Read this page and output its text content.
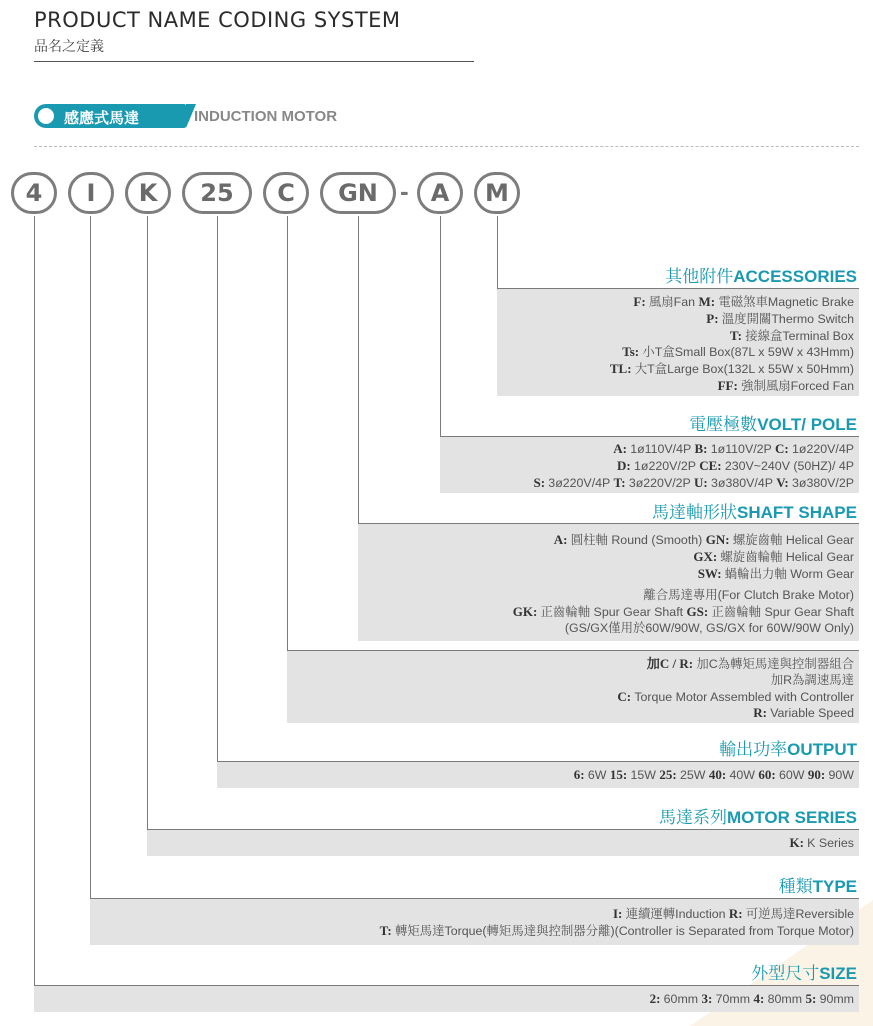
PRODUCT NAME CODING SYSTEM
品名之定義
感應式馬達	INDUCTION MOTOR
4	I	K	25	C	GN - A	M
其他附件ACCESSORIES
電壓極數VOLT/ POLE
馬達軸形狀SHAFT SHAPE
輸出功率OUTPUT
馬達系列MOTOR SERIES
種類TYPE
外型尺寸SIZE
F: 風扇Fan M: 電磁煞車Magnetic Brake
P: 溫度開關Thermo Switch
T: 接線盒Terminal Box
Ts: 小T盒Small Box(87L x 59W x 43Hmm)
TL: 大T盒Large Box(132L x 55W x 50Hmm)
FF: 強制風扇Forced Fan
A: 1ø110V/4P B: 1ø110V/2P C: 1ø220V/4P
D: 1ø220V/2P CE: 230V~240V (50HZ)/ 4P
S: 3ø220V/4P T: 3ø220V/2P U: 3ø380V/4P V: 3ø380V/2P
A: 圓柱軸 Round (Smooth) GN: 螺旋齒軸 Helical Gear
GX: 螺旋齒輪軸 Helical Gear
SW: 蝸輪出力軸 Worm Gear
離合馬達專用(For Clutch Brake Motor)
GK: 正齒輪軸 Spur Gear Shaft GS: 正齒輪軸 Spur Gear Shaft
(GS/GX僅用於60W/90W, GS/GX for 60W/90W Only)
加C / R: 加C為轉矩馬達與控制器組合
加R為調速馬達
C: Torque Motor Assembled with Controller
R: Variable Speed
6: 6W 15: 15W 25: 25W 40: 40W 60: 60W 90: 90W
K: K Series
I: 連續運轉Induction R: 可逆馬達Reversible
T: 轉矩馬達Torque(轉矩馬達與控制器分離)(Controller is Separated from Torque Motor)
2: 60mm 3: 70mm 4: 80mm 5: 90mm
